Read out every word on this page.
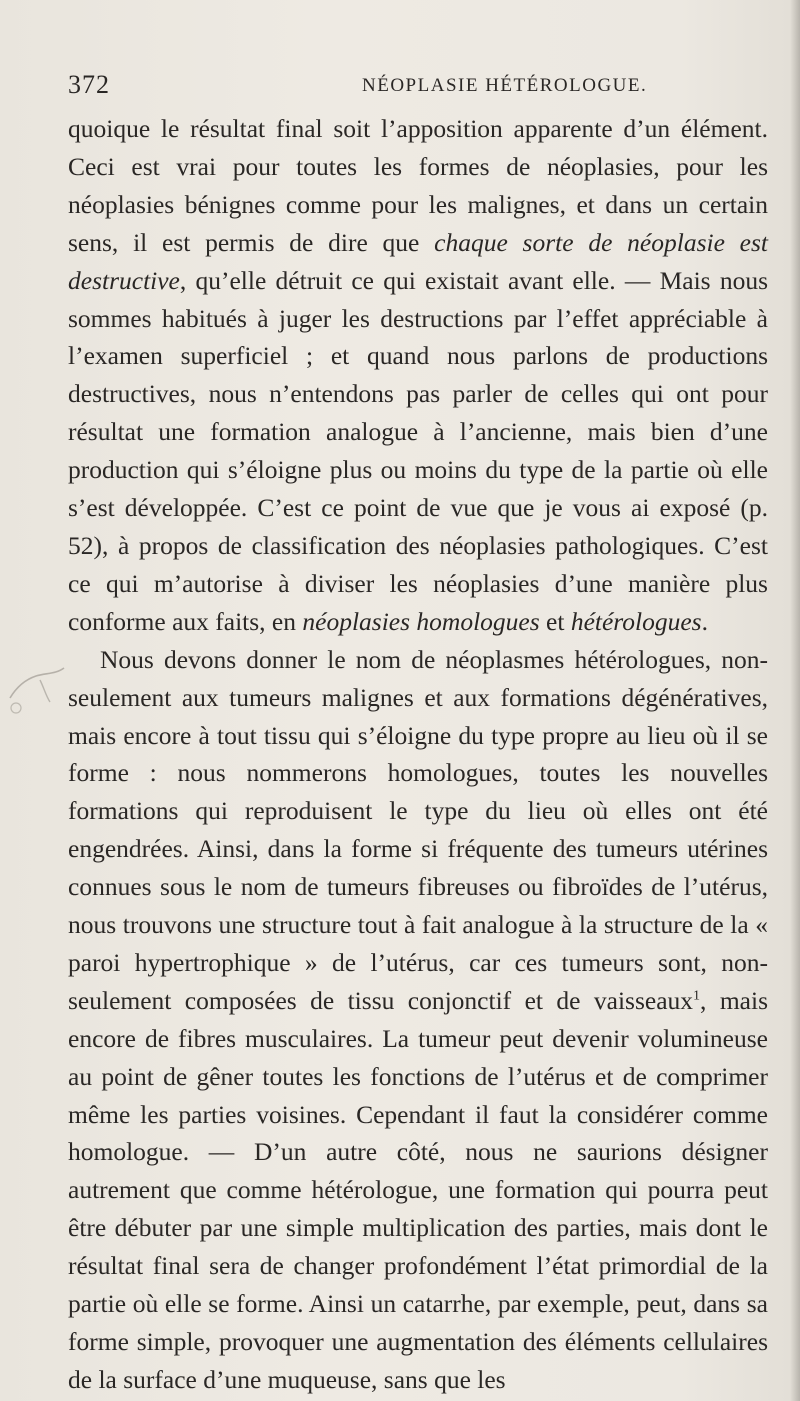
372	NÉOPLASIE HÉTÉROLOGUE.

quoique le résultat final soit l’apposition apparente d’un élément. Ceci est vrai pour toutes les formes de néoplasies, pour les néoplasies bénignes comme pour les malignes, et dans un certain sens, il est permis de dire que chaque sorte de néoplasie est destructive, qu’elle détruit ce qui existait avant elle. — Mais nous sommes habitués à juger les destructions par l’effet appréciable à l’examen superficiel ; et quand nous parlons de productions destructives, nous n’entendons pas parler de celles qui ont pour résultat une formation analogue à l’ancienne, mais bien d’une production qui s’éloigne plus ou moins du type de la partie où elle s’est développée. C’est ce point de vue que je vous ai exposé (p. 52), à propos de classification des néoplasies pathologiques. C’est ce qui m’autorise à diviser les néoplasies d’une manière plus conforme aux faits, en néoplasies homologues et hétérologues.

Nous devons donner le nom de néoplasmes hétérologues, non-seulement aux tumeurs malignes et aux formations dégénératives, mais encore à tout tissu qui s’éloigne du type propre au lieu où il se forme : nous nommerons homologues, toutes les nouvelles formations qui reproduisent le type du lieu où elles ont été engendrées. Ainsi, dans la forme si fréquente des tumeurs utérines connues sous le nom de tumeurs fibreuses ou fibroïdes de l’utérus, nous trouvons une structure tout à fait analogue à la structure de la « paroi hypertrophique » de l’utérus, car ces tumeurs sont, non-seulement composées de tissu conjonctif et de vaisseaux$^1$, mais encore de fibres musculaires. La tumeur peut devenir volumineuse au point de gêner toutes les fonctions de l’utérus et de comprimer même les parties voisines. Cependant il faut la considérer comme homologue. — D’un autre côté, nous ne saurions désigner autrement que comme hétérologue, une formation qui pourra peut être débuter par une simple multiplication des parties, mais dont le résultat final sera de changer profondément l’état primordial de la partie où elle se forme. Ainsi un catarrhe, par exemple, peut, dans sa forme simple, provoquer une augmentation des éléments cellulaires de la surface d’une muqueuse, sans que les
